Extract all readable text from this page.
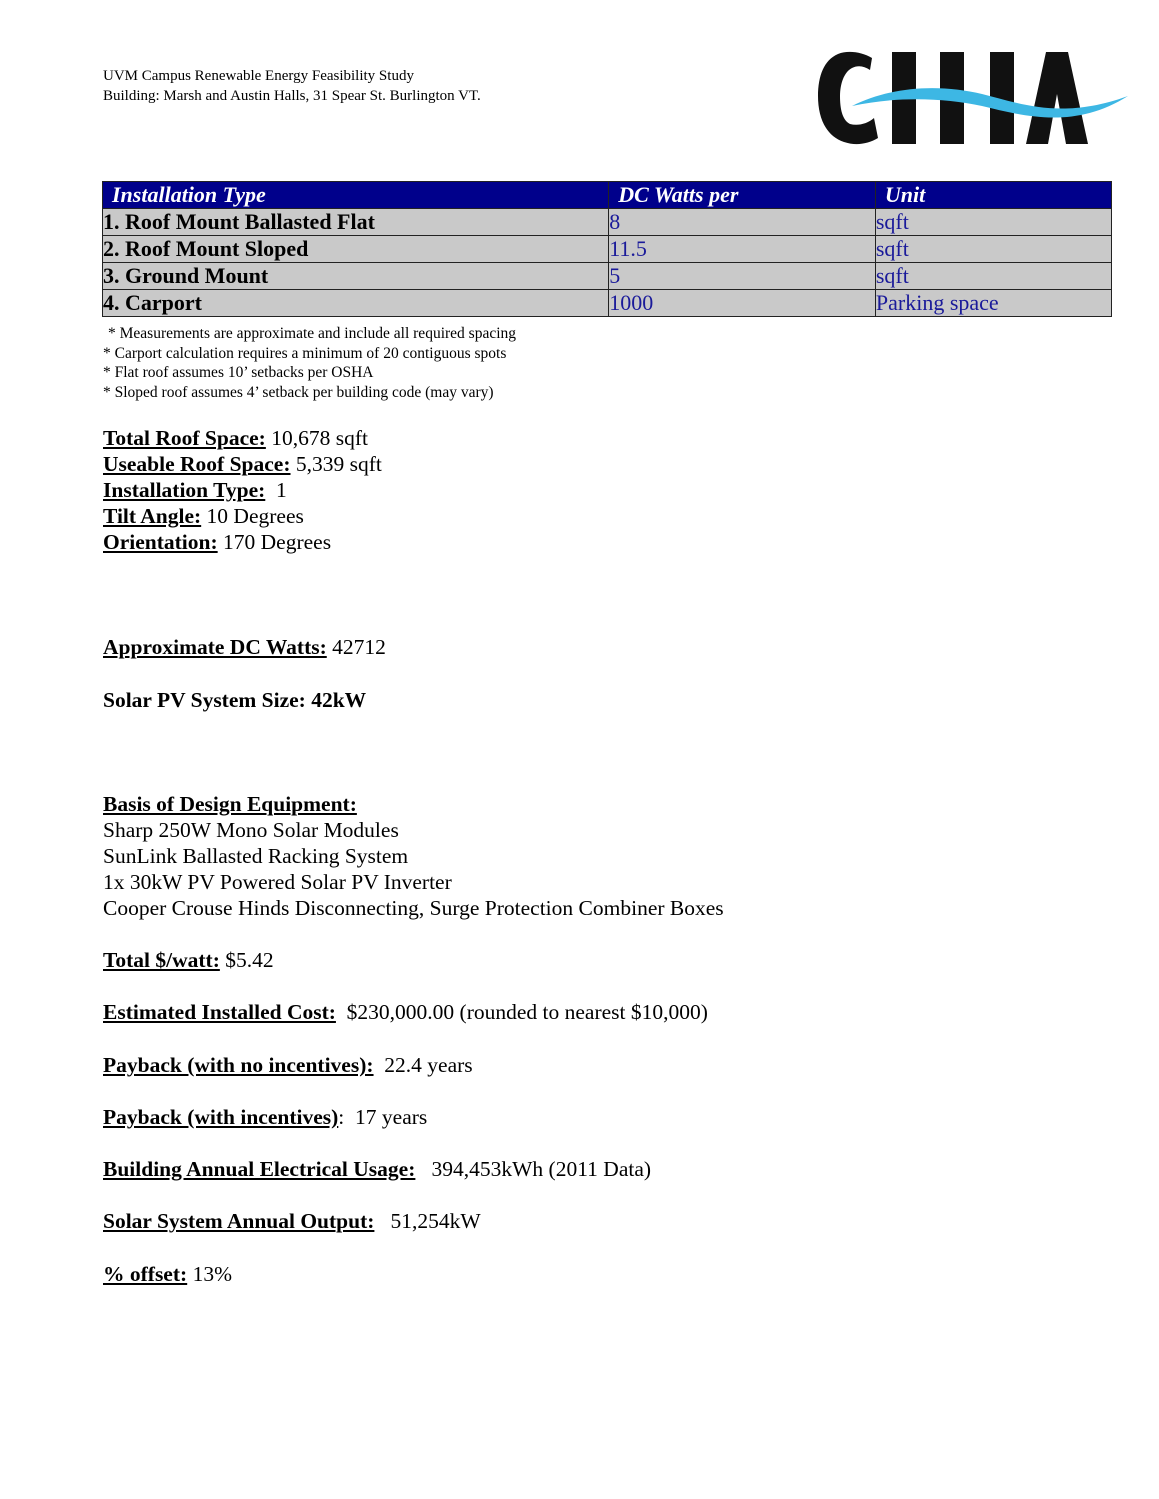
UVM Campus Renewable Energy Feasibility Study
Building: Marsh and Austin Halls, 31 Spear St. Burlington VT.
Installation Type	DC Watts per	Unit
1. Roof Mount Ballasted Flat	8	sqft
2. Roof Mount Sloped	11.5	sqft
3. Ground Mount	5	sqft
4. Carport	1000	Parking space
* Measurements are approximate and include all required spacing
* Carport calculation requires a minimum of 20 contiguous spots
* Flat roof assumes 10’ setbacks per OSHA
* Sloped roof assumes 4’ setback per building code (may vary)
Total Roof Space: 10,678 sqft
Useable Roof Space: 5,339 sqft
Installation Type:  1
Tilt Angle: 10 Degrees
Orientation: 170 Degrees
Approximate DC Watts: 42712
Solar PV System Size: 42kW
Basis of Design Equipment:
Sharp 250W Mono Solar Modules
SunLink Ballasted Racking System
1x 30kW PV Powered Solar PV Inverter
Cooper Crouse Hinds Disconnecting, Surge Protection Combiner Boxes
Total $/watt: $5.42
Estimated Installed Cost:  $230,000.00 (rounded to nearest $10,000)
Payback (with no incentives):  22.4 years
Payback (with incentives):  17 years
Building Annual Electrical Usage:   394,453kWh (2011 Data)
Solar System Annual Output:   51,254kW
% offset: 13%
